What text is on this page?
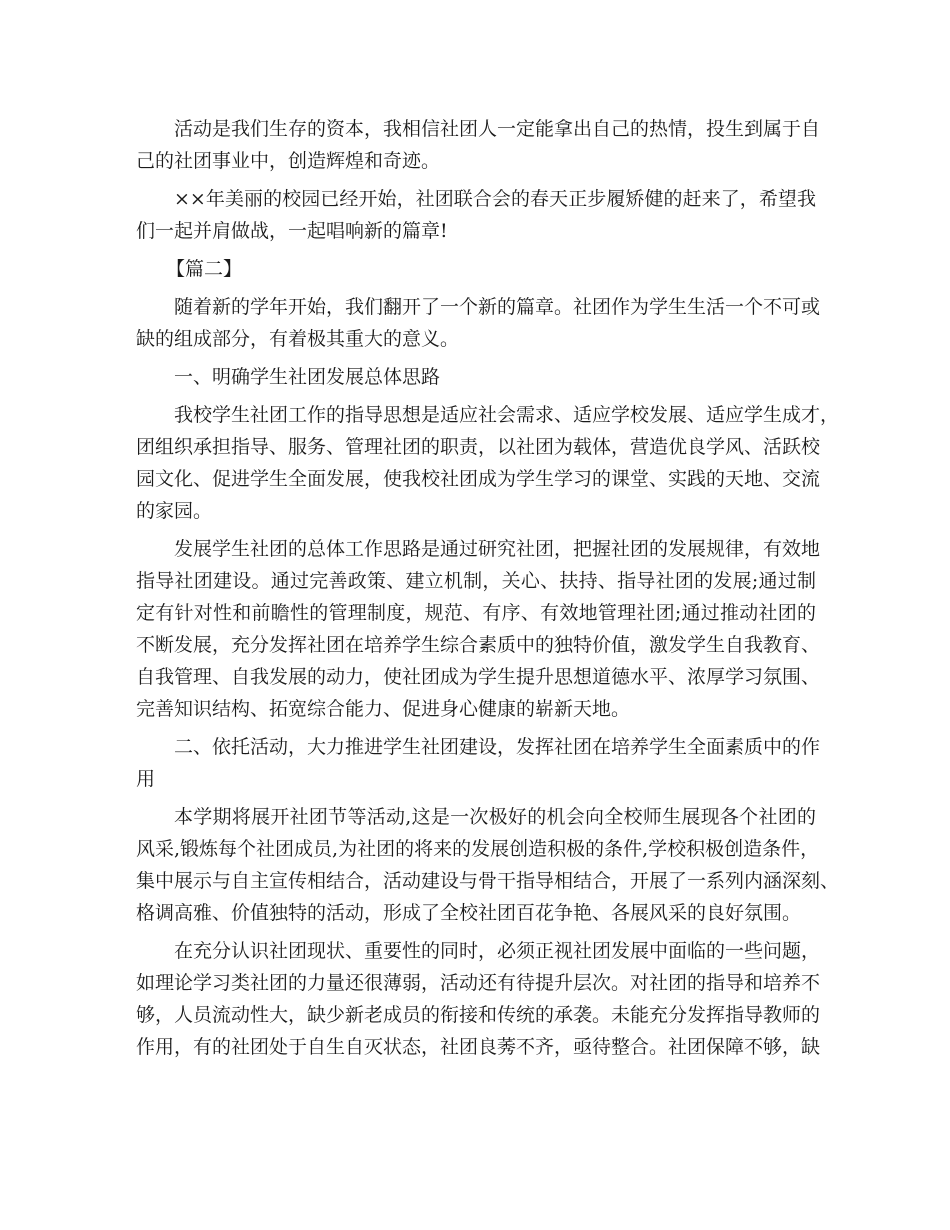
活动是我们生存的资本，我相信社团人一定能拿出自己的热情，投生到属于自
己的社团事业中，创造辉煌和奇迹。
××年美丽的校园已经开始，社团联合会的春天正步履矫健的赶来了，希望我
们一起并肩做战，一起唱响新的篇章!
【篇二】
随着新的学年开始，我们翻开了一个新的篇章。社团作为学生生活一个不可或
缺的组成部分，有着极其重大的意义。
一、明确学生社团发展总体思路
我校学生社团工作的指导思想是适应社会需求、适应学校发展、适应学生成才，
团组织承担指导、服务、管理社团的职责，以社团为载体，营造优良学风、活跃校
园文化、促进学生全面发展，使我校社团成为学生学习的课堂、实践的天地、交流
的家园。
发展学生社团的总体工作思路是通过研究社团，把握社团的发展规律，有效地
指导社团建设。通过完善政策、建立机制，关心、扶持、指导社团的发展;通过制
定有针对性和前瞻性的管理制度，规范、有序、有效地管理社团;通过推动社团的
不断发展，充分发挥社团在培养学生综合素质中的独特价值，激发学生自我教育、
自我管理、自我发展的动力，使社团成为学生提升思想道德水平、浓厚学习氛围、
完善知识结构、拓宽综合能力、促进身心健康的崭新天地。
二、依托活动，大力推进学生社团建设，发挥社团在培养学生全面素质中的作
用
本学期将展开社团节等活动,这是一次极好的机会向全校师生展现各个社团的
风采,锻炼每个社团成员,为社团的将来的发展创造积极的条件,学校积极创造条件，
集中展示与自主宣传相结合，活动建设与骨干指导相结合，开展了一系列内涵深刻、
格调高雅、价值独特的活动，形成了全校社团百花争艳、各展风采的良好氛围。
在充分认识社团现状、重要性的同时，必须正视社团发展中面临的一些问题，
如理论学习类社团的力量还很薄弱，活动还有待提升层次。对社团的指导和培养不
够，人员流动性大，缺少新老成员的衔接和传统的承袭。未能充分发挥指导教师的
作用，有的社团处于自生自灭状态，社团良莠不齐，亟待整合。社团保障不够，缺
